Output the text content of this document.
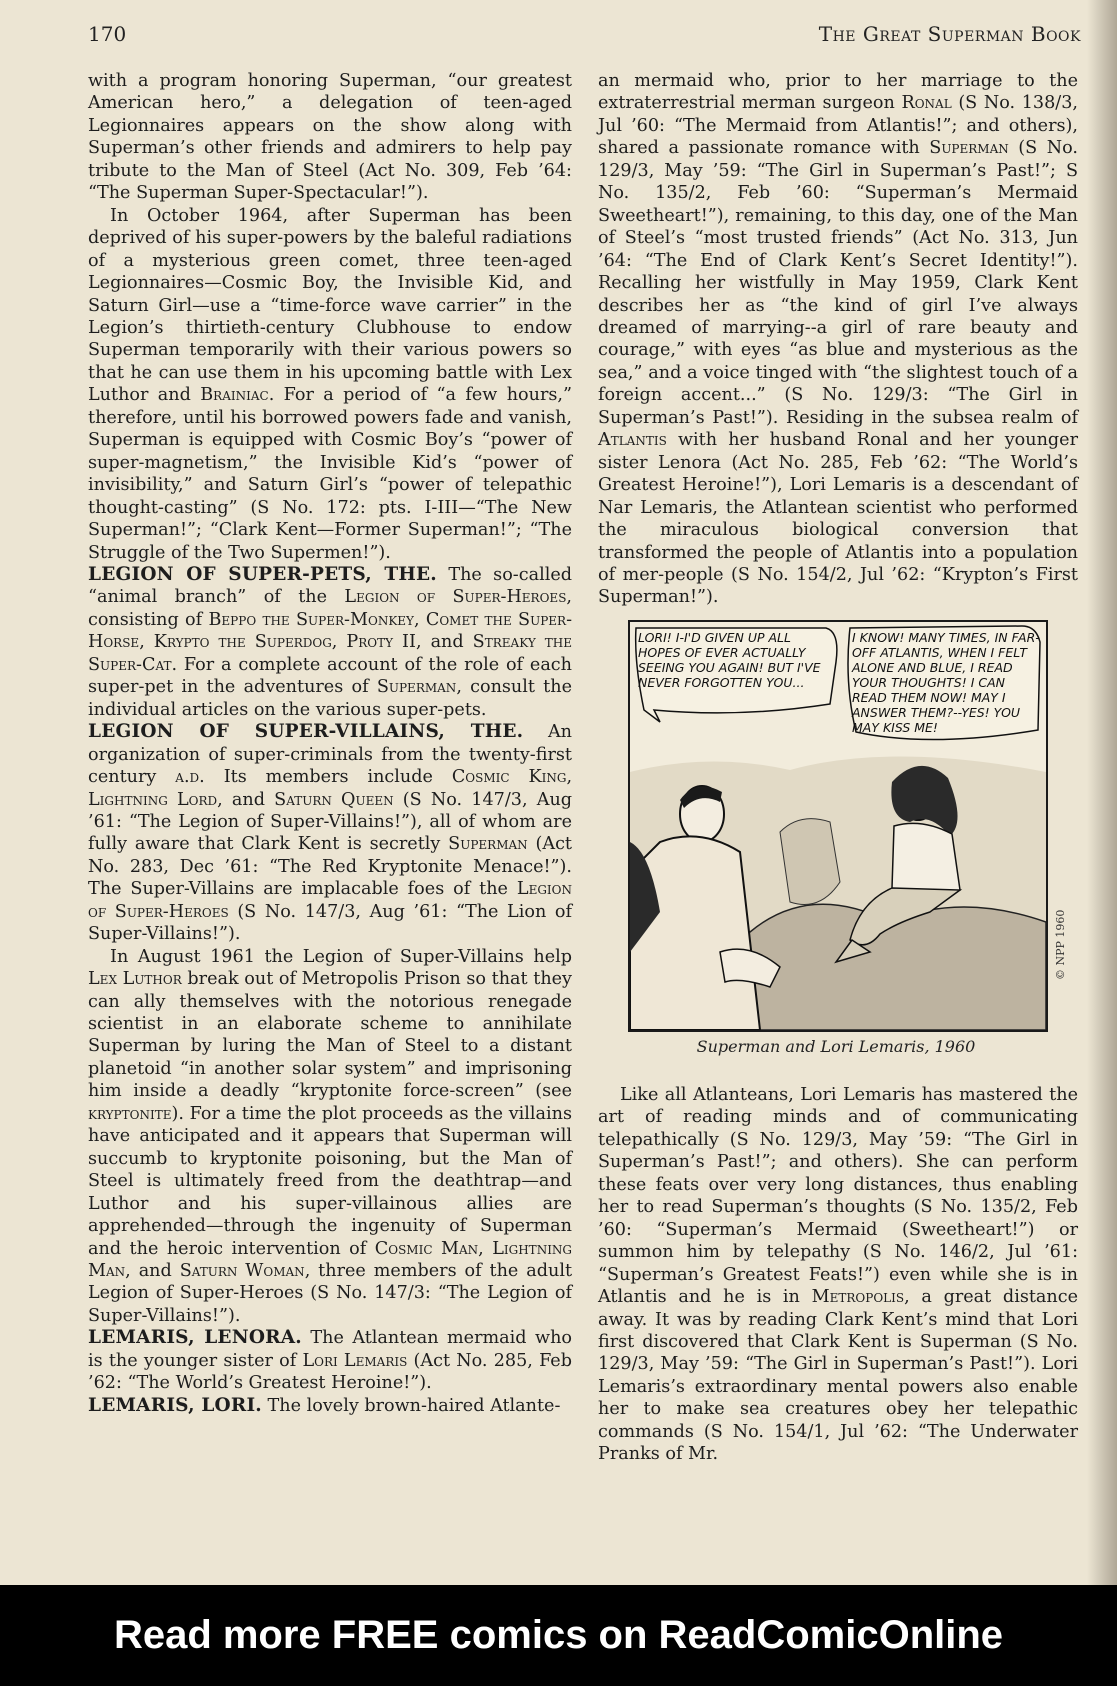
170	The Great Superman Book

with a program honoring Superman, “our greatest American hero,” a delegation of teen-aged Legionnaires appears on the show along with Superman’s other friends and admirers to help pay tribute to the Man of Steel (Act No. 309, Feb ’64: “The Superman Super-Spectacular!”).

In October 1964, after Superman has been deprived of his super-powers by the baleful radiations of a mysterious green comet, three teen-aged Legionnaires—Cosmic Boy, the Invisible Kid, and Saturn Girl—use a “time-force wave carrier” in the Legion’s thirtieth-century Clubhouse to endow Superman temporarily with their various powers so that he can use them in his upcoming battle with Lex Luthor and Brainiac. For a period of “a few hours,” therefore, until his borrowed powers fade and vanish, Superman is equipped with Cosmic Boy’s “power of super-magnetism,” the Invisible Kid’s “power of invisibility,” and Saturn Girl’s “power of telepathic thought-casting” (S No. 172: pts. I-III—“The New Superman!”; “Clark Kent—Former Superman!”; “The Struggle of the Two Supermen!”).

LEGION OF SUPER-PETS, THE. The so-called “animal branch” of the Legion of Super-Heroes, consisting of Beppo the Super-Monkey, Comet the Super-Horse, Krypto the Superdog, Proty II, and Streaky the Super-Cat. For a complete account of the role of each super-pet in the adventures of Superman, consult the individual articles on the various super-pets.

LEGION OF SUPER-VILLAINS, THE. An organization of super-criminals from the twenty-first century a.d. Its members include Cosmic King, Lightning Lord, and Saturn Queen (S No. 147/3, Aug ’61: “The Legion of Super-Villains!”), all of whom are fully aware that Clark Kent is secretly Superman (Act No. 283, Dec ’61: “The Red Kryptonite Menace!”). The Super-Villains are implacable foes of the Legion of Super-Heroes (S No. 147/3, Aug ’61: “The Lion of Super-Villains!”).

In August 1961 the Legion of Super-Villains help Lex Luthor break out of Metropolis Prison so that they can ally themselves with the notorious renegade scientist in an elaborate scheme to annihilate Superman by luring the Man of Steel to a distant planetoid “in another solar system” and imprisoning him inside a deadly “kryptonite force-screen” (see kryptonite). For a time the plot proceeds as the villains have anticipated and it appears that Superman will succumb to kryptonite poisoning, but the Man of Steel is ultimately freed from the deathtrap—and Luthor and his super-villainous allies are apprehended—through the ingenuity of Superman and the heroic intervention of Cosmic Man, Lightning Man, and Saturn Woman, three members of the adult Legion of Super-Heroes (S No. 147/3: “The Legion of Super-Villains!”).

LEMARIS, LENORA. The Atlantean mermaid who is the younger sister of Lori Lemaris (Act No. 285, Feb ’62: “The World’s Greatest Heroine!”).

LEMARIS, LORI. The lovely brown-haired Atlante-

an mermaid who, prior to her marriage to the extraterrestrial merman surgeon Ronal (S No. 138/3, Jul ’60: “The Mermaid from Atlantis!”; and others), shared a passionate romance with Superman (S No. 129/3, May ’59: “The Girl in Superman’s Past!”; S No. 135/2, Feb ’60: “Superman’s Mermaid Sweetheart!”), remaining, to this day, one of the Man of Steel’s “most trusted friends” (Act No. 313, Jun ’64: “The End of Clark Kent’s Secret Identity!”). Recalling her wistfully in May 1959, Clark Kent describes her as “the kind of girl I’ve always dreamed of marrying--a girl of rare beauty and courage,” with eyes “as blue and mysterious as the sea,” and a voice tinged with “the slightest touch of a foreign accent...” (S No. 129/3: “The Girl in Superman’s Past!”). Residing in the subsea realm of Atlantis with her husband Ronal and her younger sister Lenora (Act No. 285, Feb ’62: “The World’s Greatest Heroine!”), Lori Lemaris is a descendant of Nar Lemaris, the Atlantean scientist who performed the miraculous biological conversion that transformed the people of Atlantis into a population of mer-people (S No. 154/2, Jul ’62: “Krypton’s First Superman!”).

LORI! I-I'D GIVEN UP ALL HOPES OF EVER ACTUALLY SEEING YOU AGAIN! BUT I'VE NEVER FORGOTTEN YOU...
I KNOW! MANY TIMES, IN FAR-OFF ATLANTIS, WHEN I FELT ALONE AND BLUE, I READ YOUR THOUGHTS! I CAN READ THEM NOW! MAY I ANSWER THEM?--YES! YOU MAY KISS ME!
© NPP 1960
Superman and Lori Lemaris, 1960

Like all Atlanteans, Lori Lemaris has mastered the art of reading minds and of communicating telepathically (S No. 129/3, May ’59: “The Girl in Superman’s Past!”; and others). She can perform these feats over very long distances, thus enabling her to read Superman’s thoughts (S No. 135/2, Feb ’60: “Superman’s Mermaid (Sweetheart!”) or summon him by telepathy (S No. 146/2, Jul ’61: “Superman’s Greatest Feats!”) even while she is in Atlantis and he is in Metropolis, a great distance away. It was by reading Clark Kent’s mind that Lori first discovered that Clark Kent is Superman (S No. 129/3, May ’59: “The Girl in Superman’s Past!”). Lori Lemaris’s extraordinary mental powers also enable her to make sea creatures obey her telepathic commands (S No. 154/1, Jul ’62: “The Underwater Pranks of Mr.

Read more FREE comics on ReadComicOnline
